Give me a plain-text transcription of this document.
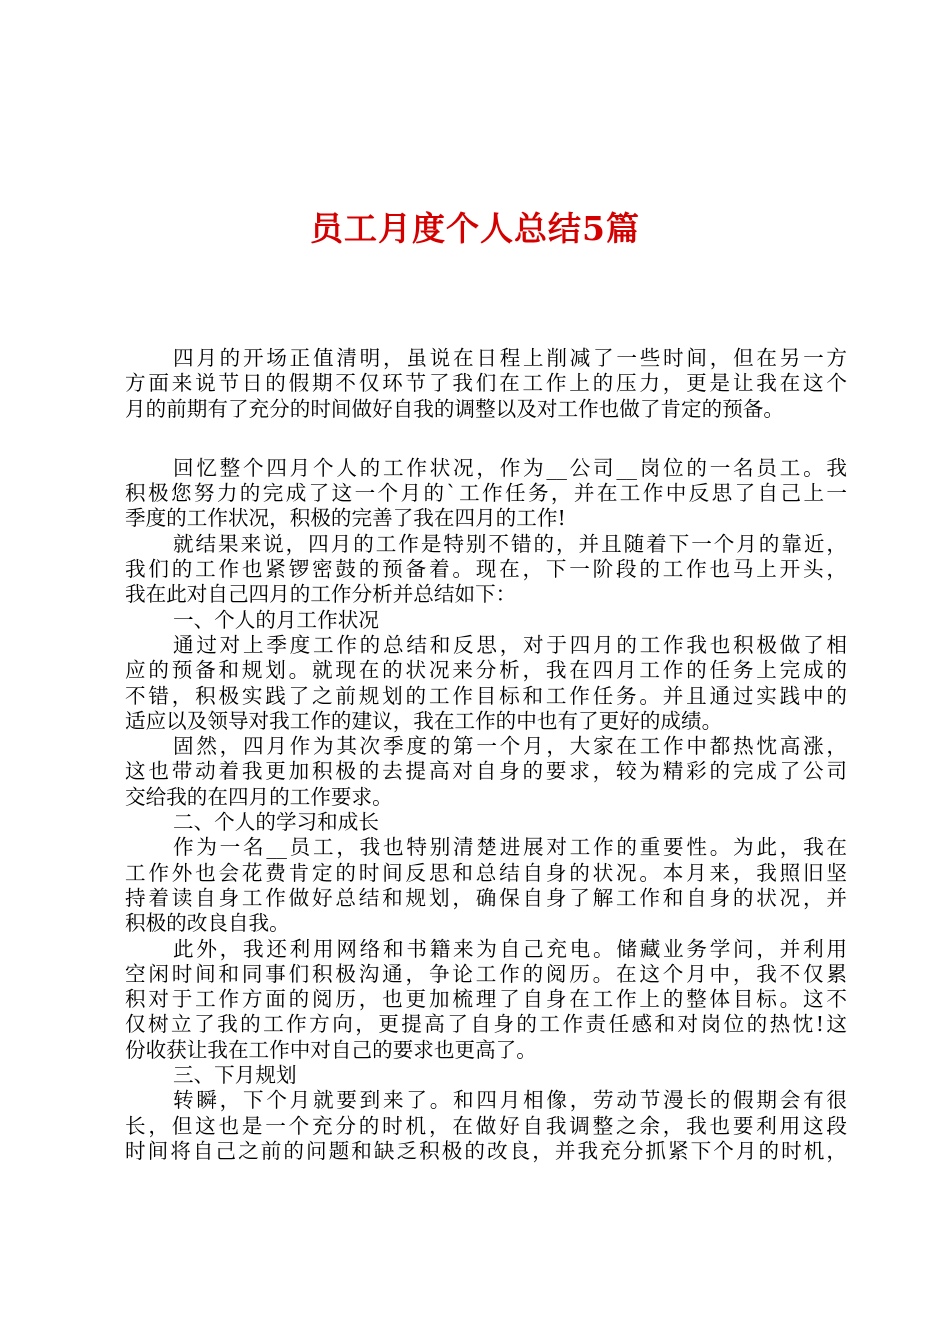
员工月度个人总结5篇
四月的开场正值清明，虽说在日程上削减了一些时间，但在另一方
方面来说节日的假期不仅环节了我们在工作上的压力，更是让我在这个
月的前期有了充分的时间做好自我的调整以及对工作也做了肯定的预备。
回忆整个四月个人的工作状况，作为__公司__岗位的一名员工。我
积极您努力的完成了这一个月的`工作任务，并在工作中反思了自己上一
季度的工作状况，积极的完善了我在四月的工作!
就结果来说，四月的工作是特别不错的，并且随着下一个月的靠近，
我们的工作也紧锣密鼓的预备着。现在，下一阶段的工作也马上开头，
我在此对自己四月的工作分析并总结如下：
一、个人的月工作状况
通过对上季度工作的总结和反思，对于四月的工作我也积极做了相
应的预备和规划。就现在的状况来分析，我在四月工作的任务上完成的
不错，积极实践了之前规划的工作目标和工作任务。并且通过实践中的
适应以及领导对我工作的建议，我在工作的中也有了更好的成绩。
固然，四月作为其次季度的第一个月，大家在工作中都热忱高涨，
这也带动着我更加积极的去提高对自身的要求，较为精彩的完成了公司
交给我的在四月的工作要求。
二、个人的学习和成长
作为一名__员工，我也特别清楚进展对工作的重要性。为此，我在
工作外也会花费肯定的时间反思和总结自身的状况。本月来，我照旧坚
持着读自身工作做好总结和规划，确保自身了解工作和自身的状况，并
积极的改良自我。
此外，我还利用网络和书籍来为自己充电。储藏业务学问，并利用
空闲时间和同事们积极沟通，争论工作的阅历。在这个月中，我不仅累
积对于工作方面的阅历，也更加梳理了自身在工作上的整体目标。这不
仅树立了我的工作方向，更提高了自身的工作责任感和对岗位的热忱!这
份收获让我在工作中对自己的要求也更高了。
三、下月规划
转瞬，下个月就要到来了。和四月相像，劳动节漫长的假期会有很
长，但这也是一个充分的时机，在做好自我调整之余，我也要利用这段
时间将自己之前的问题和缺乏积极的改良，并我充分抓紧下个月的时机，
